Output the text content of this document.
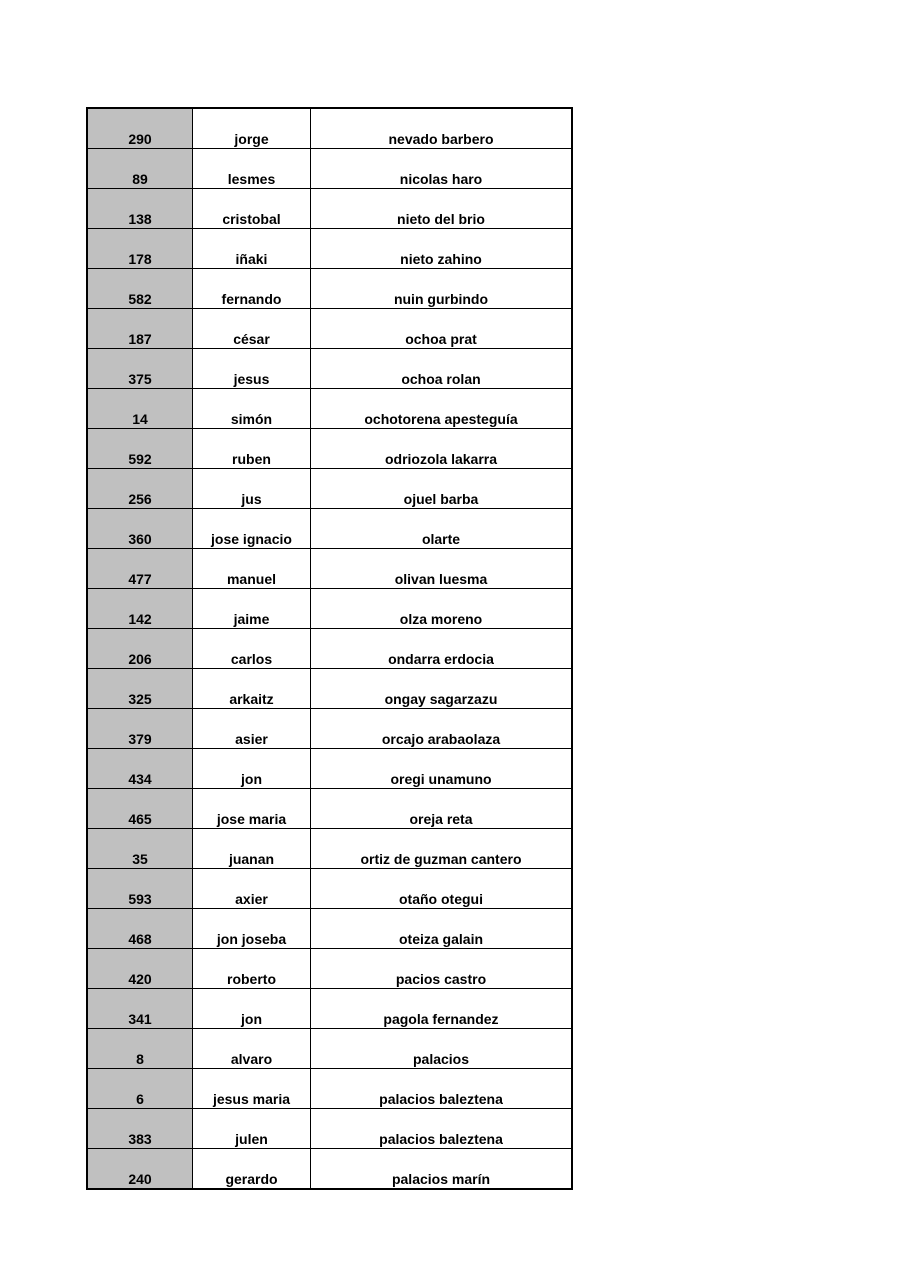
290	jorge	nevado barbero
89	lesmes	nicolas haro
138	cristobal	nieto del brio
178	iñaki	nieto zahino
582	fernando	nuin gurbindo
187	césar	ochoa prat
375	jesus	ochoa rolan
14	simón	ochotorena apesteguía
592	ruben	odriozola lakarra
256	jus	ojuel barba
360	jose ignacio	olarte
477	manuel	olivan luesma
142	jaime	olza moreno
206	carlos	ondarra erdocia
325	arkaitz	ongay sagarzazu
379	asier	orcajo arabaolaza
434	jon	oregi unamuno
465	jose maria	oreja reta
35	juanan	ortiz de guzman cantero
593	axier	otaño otegui
468	jon joseba	oteiza galain
420	roberto	pacios castro
341	jon	pagola fernandez
8	alvaro	palacios
6	jesus maria	palacios baleztena
383	julen	palacios baleztena
240	gerardo	palacios marín
